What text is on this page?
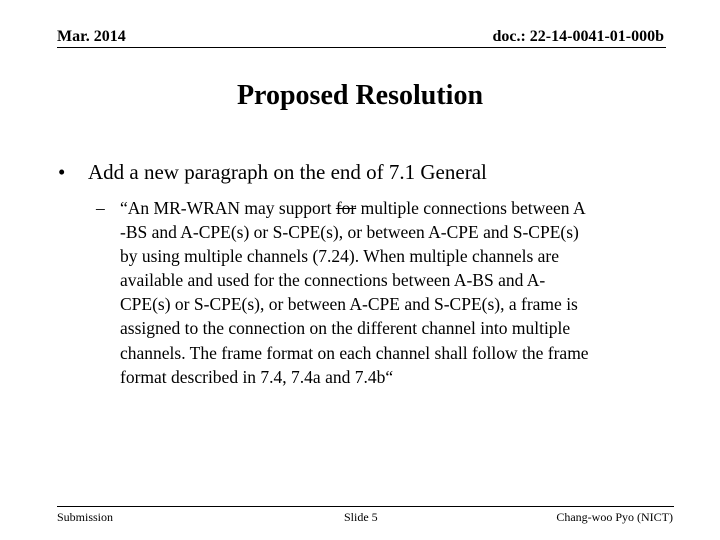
Mar. 2014	doc.: 22-14-0041-01-000b
Proposed Resolution
• Add a new paragraph on the end of 7.1 General
– “An MR-WRAN may support for multiple connections between A
-BS and A-CPE(s) or S-CPE(s), or between A-CPE and S-CPE(s)
by using multiple channels (7.24). When multiple channels are
available and used for the connections between A-BS and A-
CPE(s) or S-CPE(s), or between A-CPE and S-CPE(s), a frame is
assigned to the connection on the different channel into multiple
channels. The frame format on each channel shall follow the frame
format described in 7.4, 7.4a and 7.4b“
Submission	Slide 5	Chang-woo Pyo (NICT)
